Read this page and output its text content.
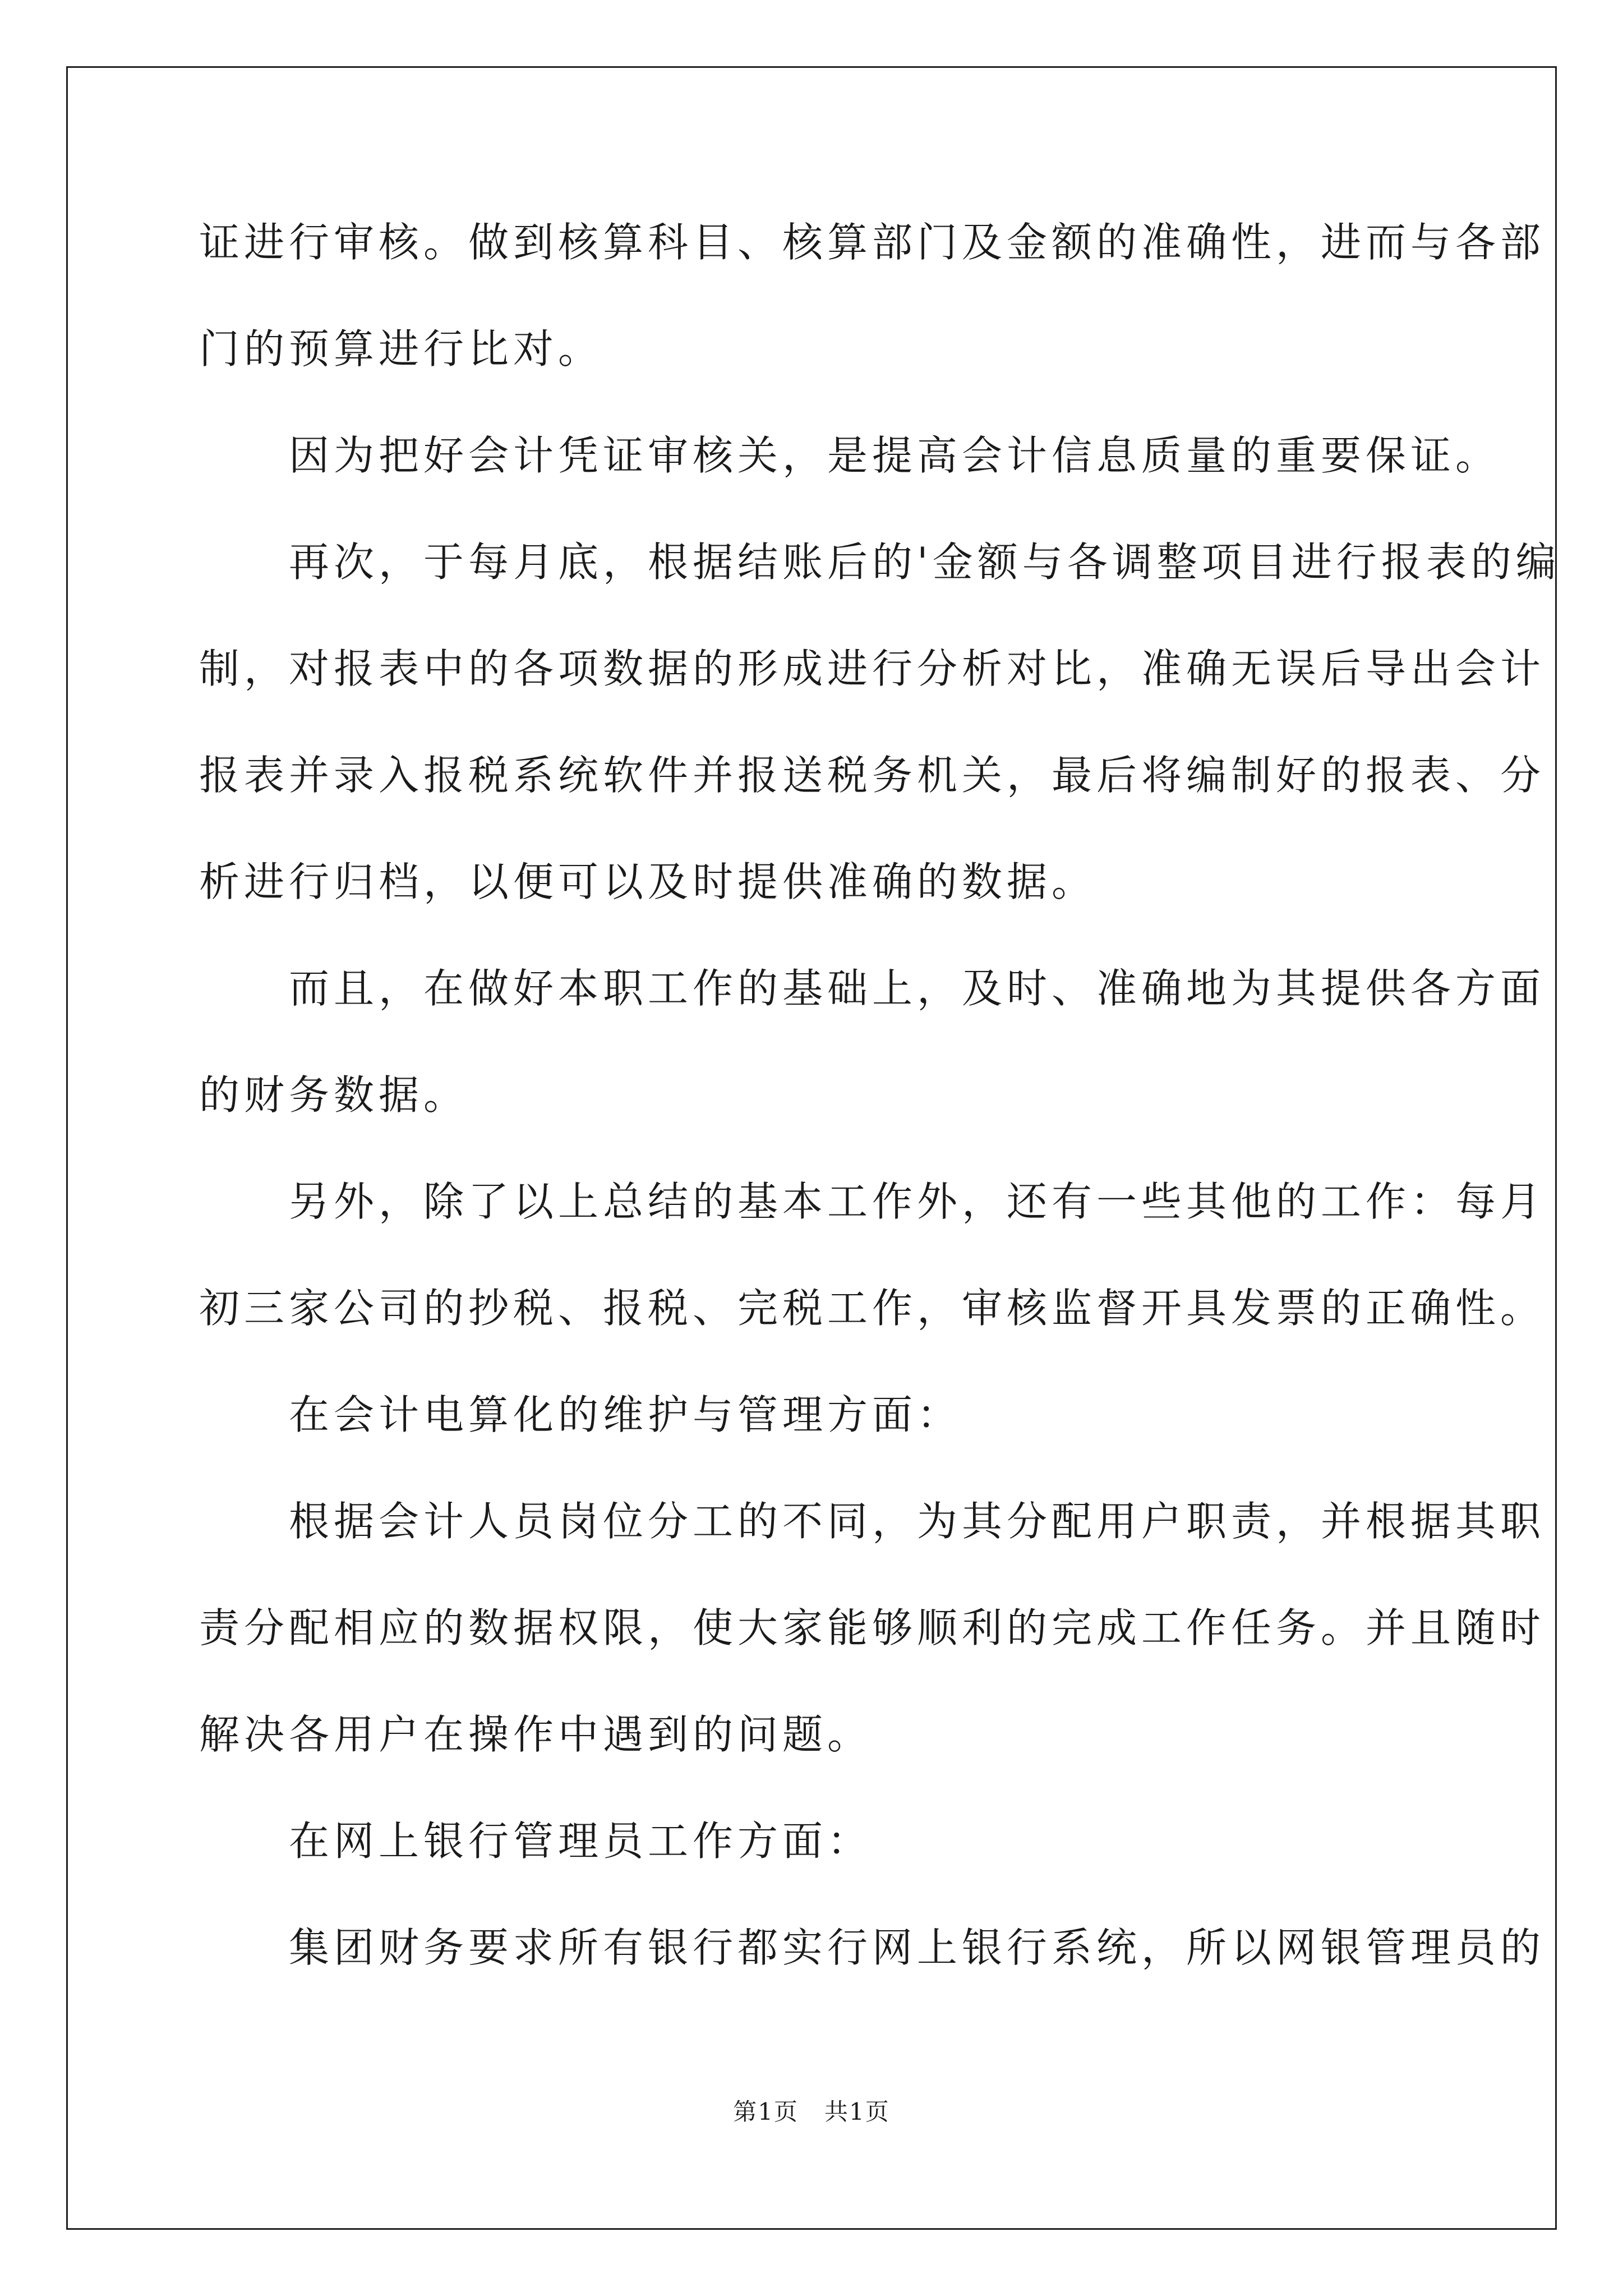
证进行审核。做到核算科目、核算部门及金额的准确性，进而与各部
门的预算进行比对。
　　因为把好会计凭证审核关，是提高会计信息质量的重要保证。
　　再次，于每月底，根据结账后的'金额与各调整项目进行报表的编
制，对报表中的各项数据的形成进行分析对比，准确无误后导出会计
报表并录入报税系统软件并报送税务机关，最后将编制好的报表、分
析进行归档，以便可以及时提供准确的数据。
　　而且，在做好本职工作的基础上，及时、准确地为其提供各方面
的财务数据。
　　另外，除了以上总结的基本工作外，还有一些其他的工作：每月
初三家公司的抄税、报税、完税工作，审核监督开具发票的正确性。
　　在会计电算化的维护与管理方面：
　　根据会计人员岗位分工的不同，为其分配用户职责，并根据其职
责分配相应的数据权限，使大家能够顺利的完成工作任务。并且随时
解决各用户在操作中遇到的问题。
　　在网上银行管理员工作方面：
　　集团财务要求所有银行都实行网上银行系统，所以网银管理员的
第1页 共1页
